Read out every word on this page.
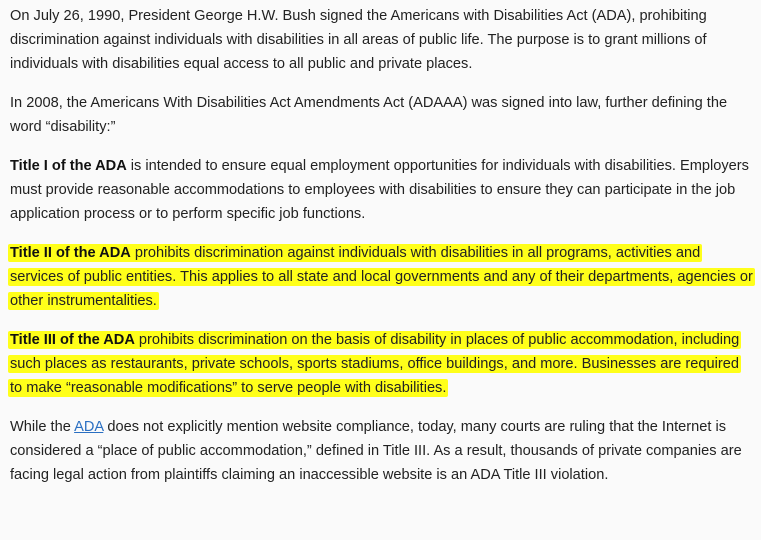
On July 26, 1990, President George H.W. Bush signed the Americans with Disabilities Act (ADA), prohibiting discrimination against individuals with disabilities in all areas of public life. The purpose is to grant millions of individuals with disabilities equal access to all public and private places.

In 2008, the Americans With Disabilities Act Amendments Act (ADAAA) was signed into law, further defining the word “disability:”

Title I of the ADA is intended to ensure equal employment opportunities for individuals with disabilities. Employers must provide reasonable accommodations to employees with disabilities to ensure they can participate in the job application process or to perform specific job functions.

Title II of the ADA prohibits discrimination against individuals with disabilities in all programs, activities and services of public entities. This applies to all state and local governments and any of their departments, agencies or other instrumentalities.

Title III of the ADA prohibits discrimination on the basis of disability in places of public accommodation, including such places as restaurants, private schools, sports stadiums, office buildings, and more. Businesses are required to make “reasonable modifications” to serve people with disabilities.

While the ADA does not explicitly mention website compliance, today, many courts are ruling that the Internet is considered a “place of public accommodation,” defined in Title III. As a result, thousands of private companies are facing legal action from plaintiffs claiming an inaccessible website is an ADA Title III violation.
